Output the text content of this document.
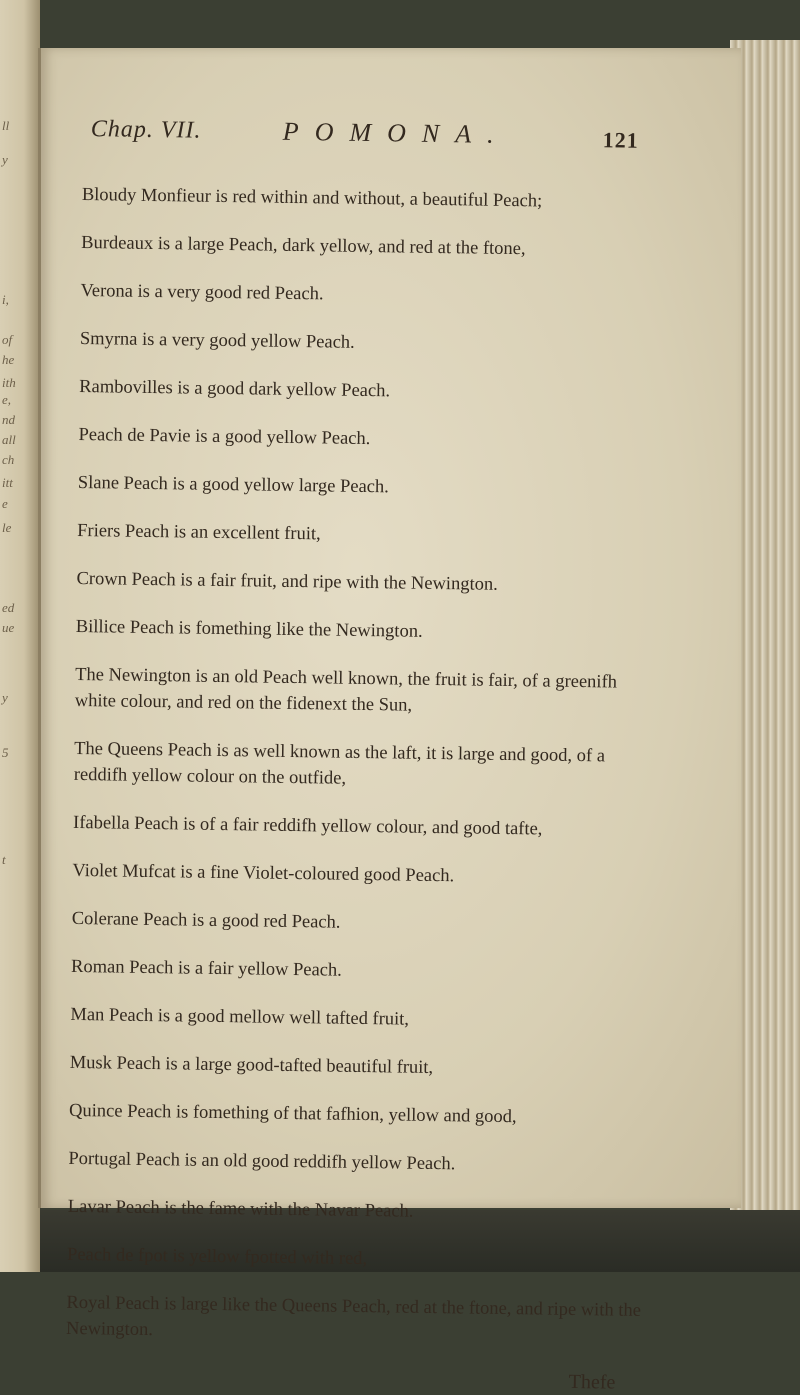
ll
y
i,
of
he
ith
e,
nd
all
ch
itt
e
le
ed
ue
y
5
t
Chap. VII.	POMONA.	121

Bloudy Monfieur is red within and without, a beautiful Peach;

Burdeaux is a large Peach, dark yellow, and red at the ftone,

Verona is a very good red Peach.

Smyrna is a very good yellow Peach.

Rambovilles is a good dark yellow Peach.

Peach de Pavie is a good yellow Peach.

Slane Peach is a good yellow large Peach.

Friers Peach is an excellent fruit,

Crown Peach is a fair fruit, and ripe with the Newington.

Billice Peach is fomething like the Newington.

The Newington is an old Peach well known, the fruit is fair, of a greenifh white colour, and red on the fidenext the Sun,

The Queens Peach is as well known as the laft, it is large and good, of a reddifh yellow colour on the outfide,

Ifabella Peach is of a fair reddifh yellow colour, and good tafte,

Violet Mufcat is a fine Violet-coloured good Peach.

Colerane Peach is a good red Peach.

Roman Peach is a fair yellow Peach.

Man Peach is a good mellow well tafted fruit,

Musk Peach is a large good-tafted beautiful fruit,

Quince Peach is fomething of that fafhion, yellow and good,

Portugal Peach is an old good reddifh yellow Peach.

Lavar Peach is the fame with the Navar Peach.

Peach de fpot is yellow fpotted with red,

Royal Peach is large like the Queens Peach, red at the ftone, and ripe with the Newington.

Thefe
